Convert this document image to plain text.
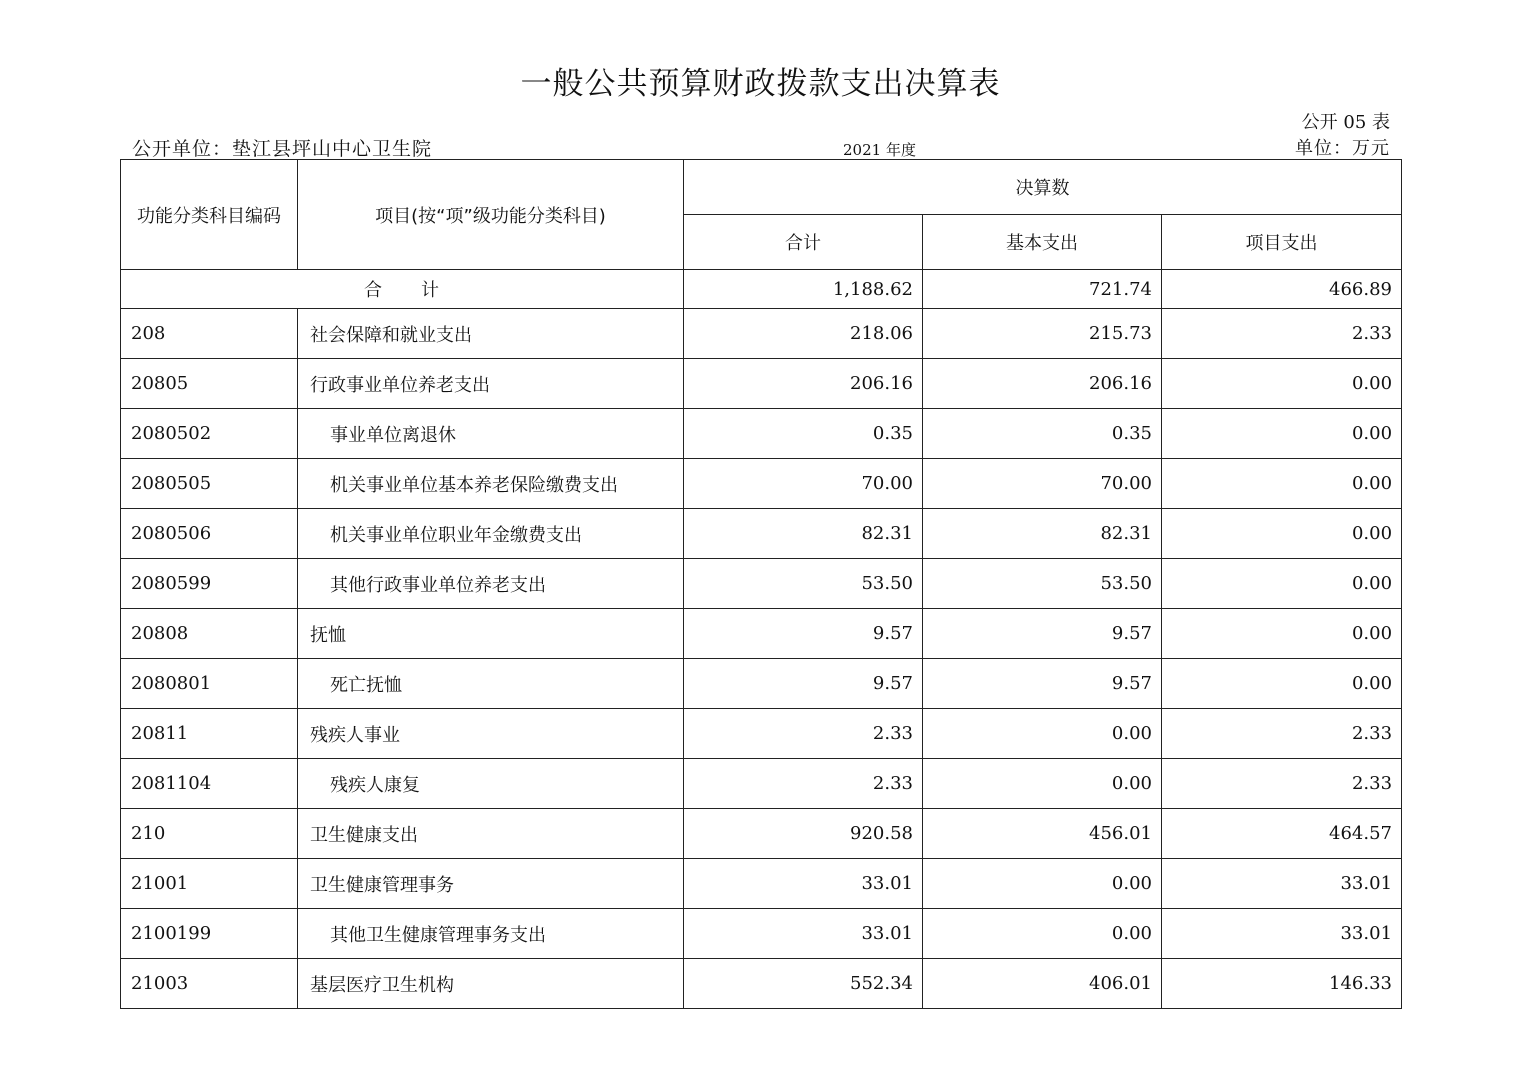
一般公共预算财政拨款支出决算表
公开 05 表
公开单位：垫江县坪山中心卫生院	2021 年度	单位：万元
功能分类科目编码	项目(按“项”级功能分类科目)	决算数		
		合计	基本支出	项目支出
合　　计		1,188.62	721.74	466.89
208	社会保障和就业支出	218.06	215.73	2.33
20805	行政事业单位养老支出	206.16	206.16	0.00
2080502	事业单位离退休	0.35	0.35	0.00
2080505	机关事业单位基本养老保险缴费支出	70.00	70.00	0.00
2080506	机关事业单位职业年金缴费支出	82.31	82.31	0.00
2080599	其他行政事业单位养老支出	53.50	53.50	0.00
20808	抚恤	9.57	9.57	0.00
2080801	死亡抚恤	9.57	9.57	0.00
20811	残疾人事业	2.33	0.00	2.33
2081104	残疾人康复	2.33	0.00	2.33
210	卫生健康支出	920.58	456.01	464.57
21001	卫生健康管理事务	33.01	0.00	33.01
2100199	其他卫生健康管理事务支出	33.01	0.00	33.01
21003	基层医疗卫生机构	552.34	406.01	146.33
